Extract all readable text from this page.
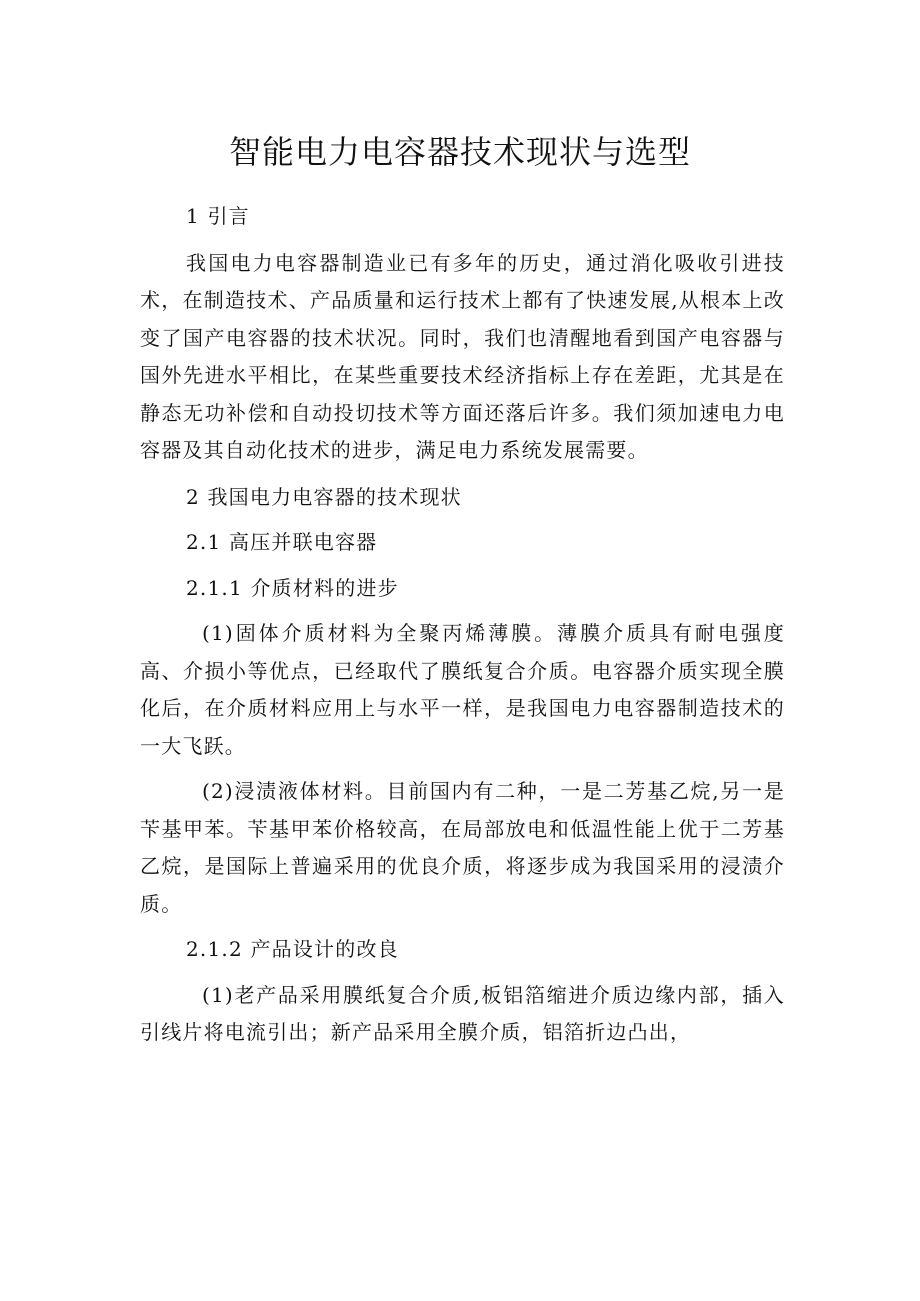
智能电力电容器技术现状与选型

1 引言

我国电力电容器制造业已有多年的历史，通过消化吸收引进技术，在制造技术、产品质量和运行技术上都有了快速发展,从根本上改变了国产电容器的技术状况。同时，我们也清醒地看到国产电容器与国外先进水平相比，在某些重要技术经济指标上存在差距，尤其是在静态无功补偿和自动投切技术等方面还落后许多。我们须加速电力电容器及其自动化技术的进步，满足电力系统发展需要。

2 我国电力电容器的技术现状

2.1 高压并联电容器

2.1.1 介质材料的进步

(1)固体介质材料为全聚丙烯薄膜。薄膜介质具有耐电强度高、介损小等优点，已经取代了膜纸复合介质。电容器介质实现全膜化后，在介质材料应用上与水平一样，是我国电力电容器制造技术的一大飞跃。

(2)浸渍液体材料。目前国内有二种，一是二芳基乙烷,另一是苄基甲苯。苄基甲苯价格较高，在局部放电和低温性能上优于二芳基乙烷，是国际上普遍采用的优良介质，将逐步成为我国采用的浸渍介质。

2.1.2 产品设计的改良

(1)老产品采用膜纸复合介质,板铝箔缩进介质边缘内部，插入引线片将电流引出；新产品采用全膜介质，铝箔折边凸出，
